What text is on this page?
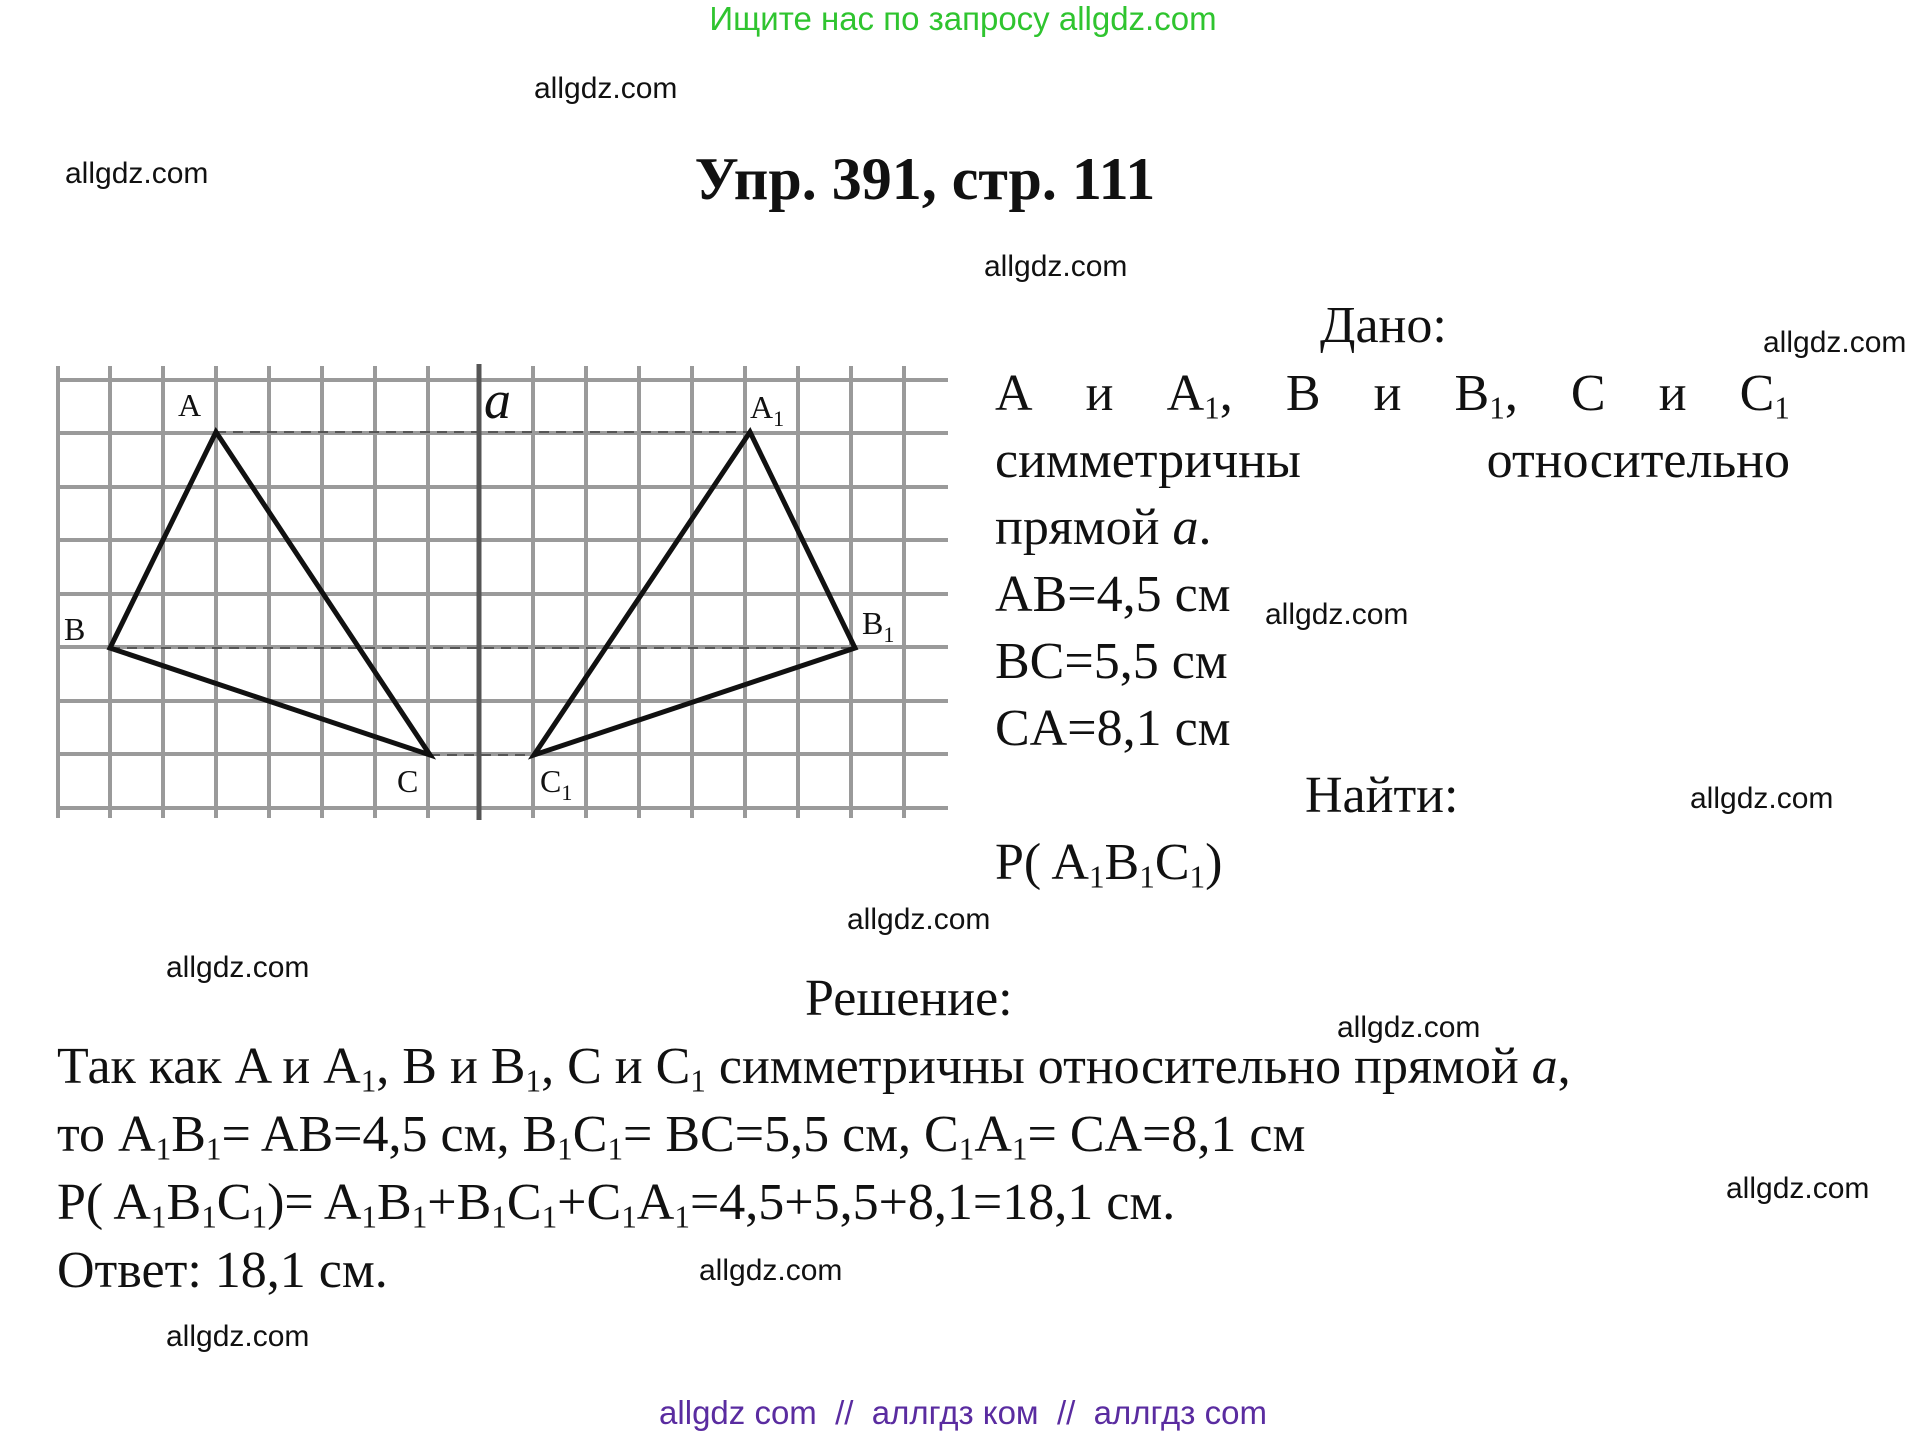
Ищите нас по запросу allgdz.com
Упр. 391, стр. 111
allgdz.com
allgdz.com
allgdz.com
allgdz.com
allgdz.com
allgdz.com
allgdz.com
allgdz.com
allgdz.com
allgdz.com
allgdz.com
allgdz.com
a
A
B
C
$A_1$
$B_1$
$C_1$
Дано:
A и $A_1$, B и $B_1$, C и $C_1$
симметричны	относительно
прямой a.
AB=4,5 см
BC=5,5 см
CA=8,1 см
Найти:
P( $A_1B_1C_1$)
Решение:
Так как A и $A_1$, B и $B_1$, C и $C_1$ симметричны относительно прямой a,
то $A_1B_1= AB=4,5$ см, $B_1C_1= BC=5,5$ см, $C_1A_1= CA=8,1$ см
P( $A_1B_1C_1)= A_1B_1+B_1C_1+C_1A_1=4,5+5,5+8,1=18,1$ см.
Ответ: 18,1 см.
allgdz com  //  аллгдз ком  //  аллгдз com
